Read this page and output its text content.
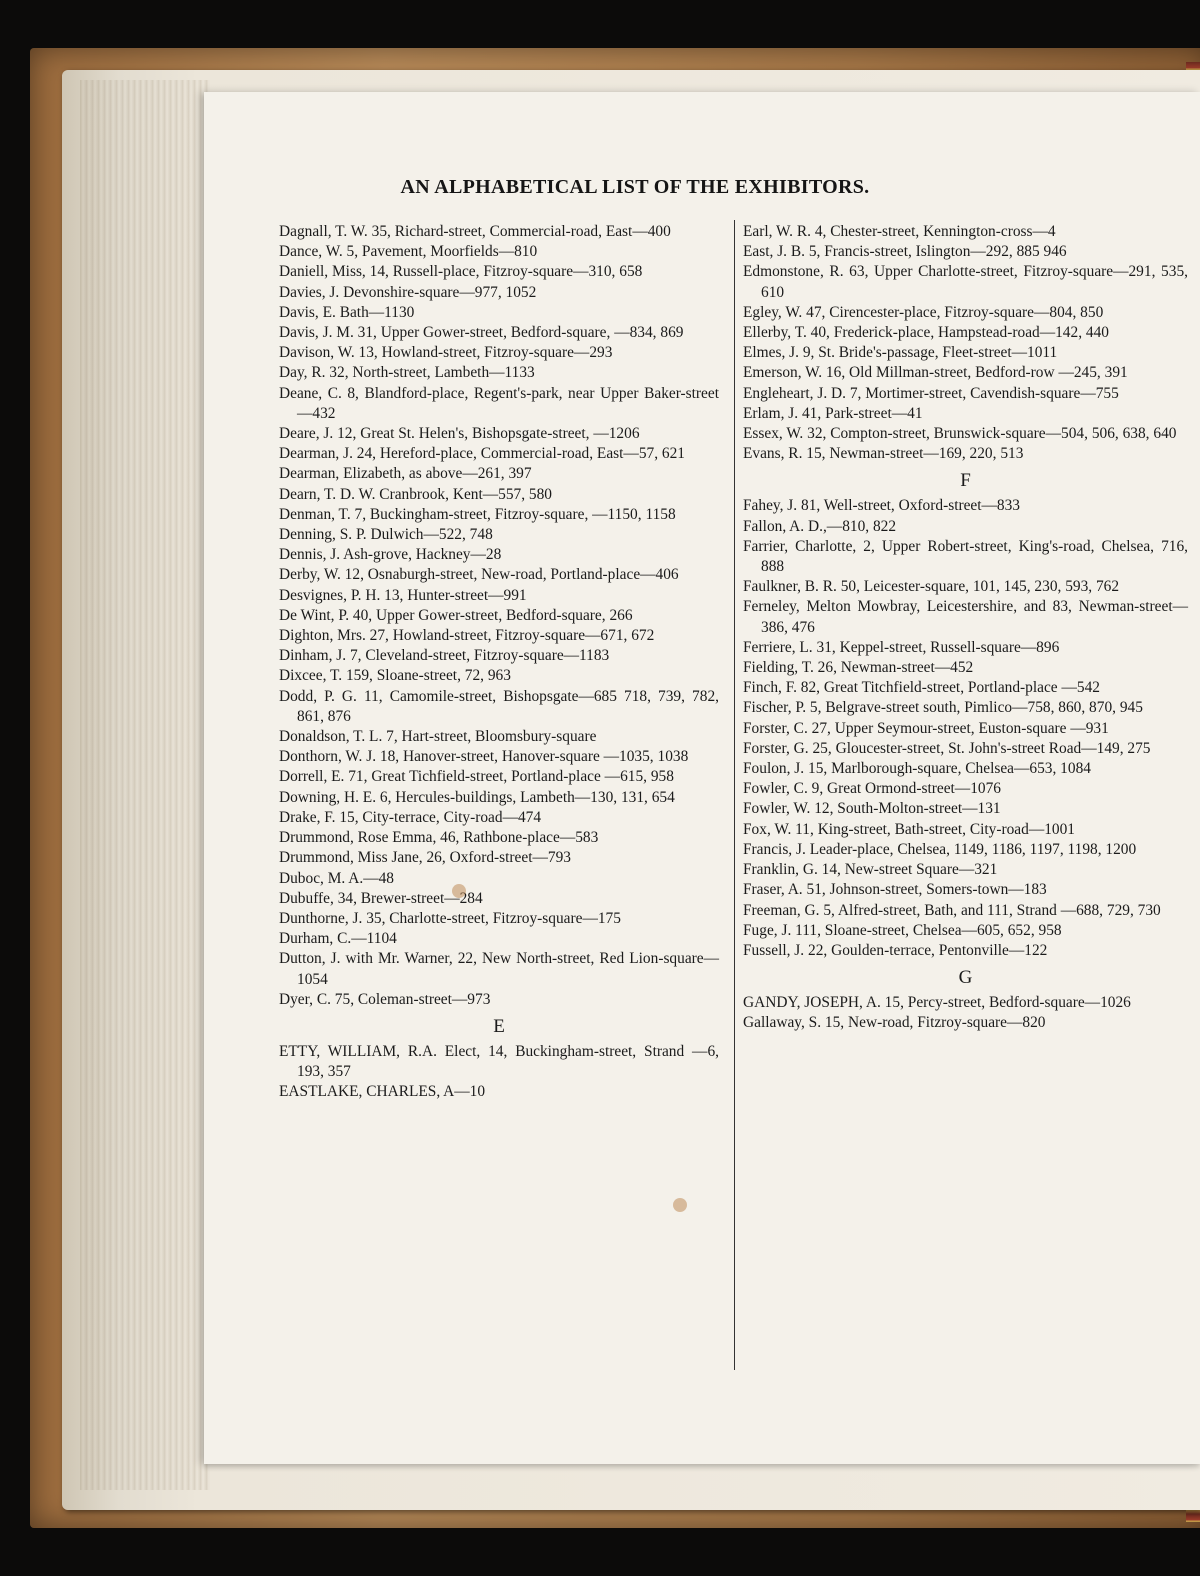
AN ALPHABETICAL LIST OF THE EXHIBITORS.

Dagnall, T. W. 35, Richard-street, Commercial-road, East—400

Dance, W. 5, Pavement, Moorfields—810

Daniell, Miss, 14, Russell-place, Fitzroy-square—310, 658

Davies, J. Devonshire-square—977, 1052

Davis, E. Bath—1130

Davis, J. M. 31, Upper Gower-street, Bedford-square, —834, 869

Davison, W. 13, Howland-street, Fitzroy-square—293

Day, R. 32, North-street, Lambeth—1133

Deane, C. 8, Blandford-place, Regent's-park, near Upper Baker-street—432

Deare, J. 12, Great St. Helen's, Bishopsgate-street, —1206

Dearman, J. 24, Hereford-place, Commercial-road, East—57, 621

Dearman, Elizabeth, as above—261, 397

Dearn, T. D. W. Cranbrook, Kent—557, 580

Denman, T. 7, Buckingham-street, Fitzroy-square, —1150, 1158

Denning, S. P. Dulwich—522, 748

Dennis, J. Ash-grove, Hackney—28

Derby, W. 12, Osnaburgh-street, New-road, Portland-place—406

Desvignes, P. H. 13, Hunter-street—991

De Wint, P. 40, Upper Gower-street, Bedford-square, 266

Dighton, Mrs. 27, Howland-street, Fitzroy-square—671, 672

Dinham, J. 7, Cleveland-street, Fitzroy-square—1183

Dixcee, T. 159, Sloane-street, 72, 963

Dodd, P. G. 11, Camomile-street, Bishopsgate—685 718, 739, 782, 861, 876

Donaldson, T. L. 7, Hart-street, Bloomsbury-square

Donthorn, W. J. 18, Hanover-street, Hanover-square —1035, 1038

Dorrell, E. 71, Great Tichfield-street, Portland-place —615, 958

Downing, H. E. 6, Hercules-buildings, Lambeth—130, 131, 654

Drake, F. 15, City-terrace, City-road—474

Drummond, Rose Emma, 46, Rathbone-place—583

Drummond, Miss Jane, 26, Oxford-street—793

Duboc, M. A.—48

Dubuffe, 34, Brewer-street—284

Dunthorne, J. 35, Charlotte-street, Fitzroy-square—175

Durham, C.—1104

Dutton, J. with Mr. Warner, 22, New North-street, Red Lion-square—1054

Dyer, C. 75, Coleman-street—973

E

ETTY, WILLIAM, R.A. Elect, 14, Buckingham-street, Strand —6, 193, 357

EASTLAKE, CHARLES, A—10

Earl, W. R. 4, Chester-street, Kennington-cross—4

East, J. B. 5, Francis-street, Islington—292, 885 946

Edmonstone, R. 63, Upper Charlotte-street, Fitzroy-square—291, 535, 610

Egley, W. 47, Cirencester-place, Fitzroy-square—804, 850

Ellerby, T. 40, Frederick-place, Hampstead-road—142, 440

Elmes, J. 9, St. Bride's-passage, Fleet-street—1011

Emerson, W. 16, Old Millman-street, Bedford-row —245, 391

Engleheart, J. D. 7, Mortimer-street, Cavendish-square—755

Erlam, J. 41, Park-street—41

Essex, W. 32, Compton-street, Brunswick-square—504, 506, 638, 640

Evans, R. 15, Newman-street—169, 220, 513

F

Fahey, J. 81, Well-street, Oxford-street—833

Fallon, A. D.,—810, 822

Farrier, Charlotte, 2, Upper Robert-street, King's-road, Chelsea, 716, 888

Faulkner, B. R. 50, Leicester-square, 101, 145, 230, 593, 762

Ferneley, Melton Mowbray, Leicestershire, and 83, Newman-street—386, 476

Ferriere, L. 31, Keppel-street, Russell-square—896

Fielding, T. 26, Newman-street—452

Finch, F. 82, Great Titchfield-street, Portland-place —542

Fischer, P. 5, Belgrave-street south, Pimlico—758, 860, 870, 945

Forster, C. 27, Upper Seymour-street, Euston-square —931

Forster, G. 25, Gloucester-street, St. John's-street Road—149, 275

Foulon, J. 15, Marlborough-square, Chelsea—653, 1084

Fowler, C. 9, Great Ormond-street—1076

Fowler, W. 12, South-Molton-street—131

Fox, W. 11, King-street, Bath-street, City-road—1001

Francis, J. Leader-place, Chelsea, 1149, 1186, 1197, 1198, 1200

Franklin, G. 14, New-street Square—321

Fraser, A. 51, Johnson-street, Somers-town—183

Freeman, G. 5, Alfred-street, Bath, and 111, Strand —688, 729, 730

Fuge, J. 111, Sloane-street, Chelsea—605, 652, 958

Fussell, J. 22, Goulden-terrace, Pentonville—122

G

GANDY, JOSEPH, A. 15, Percy-street, Bedford-square—1026

Gallaway, S. 15, New-road, Fitzroy-square—820
